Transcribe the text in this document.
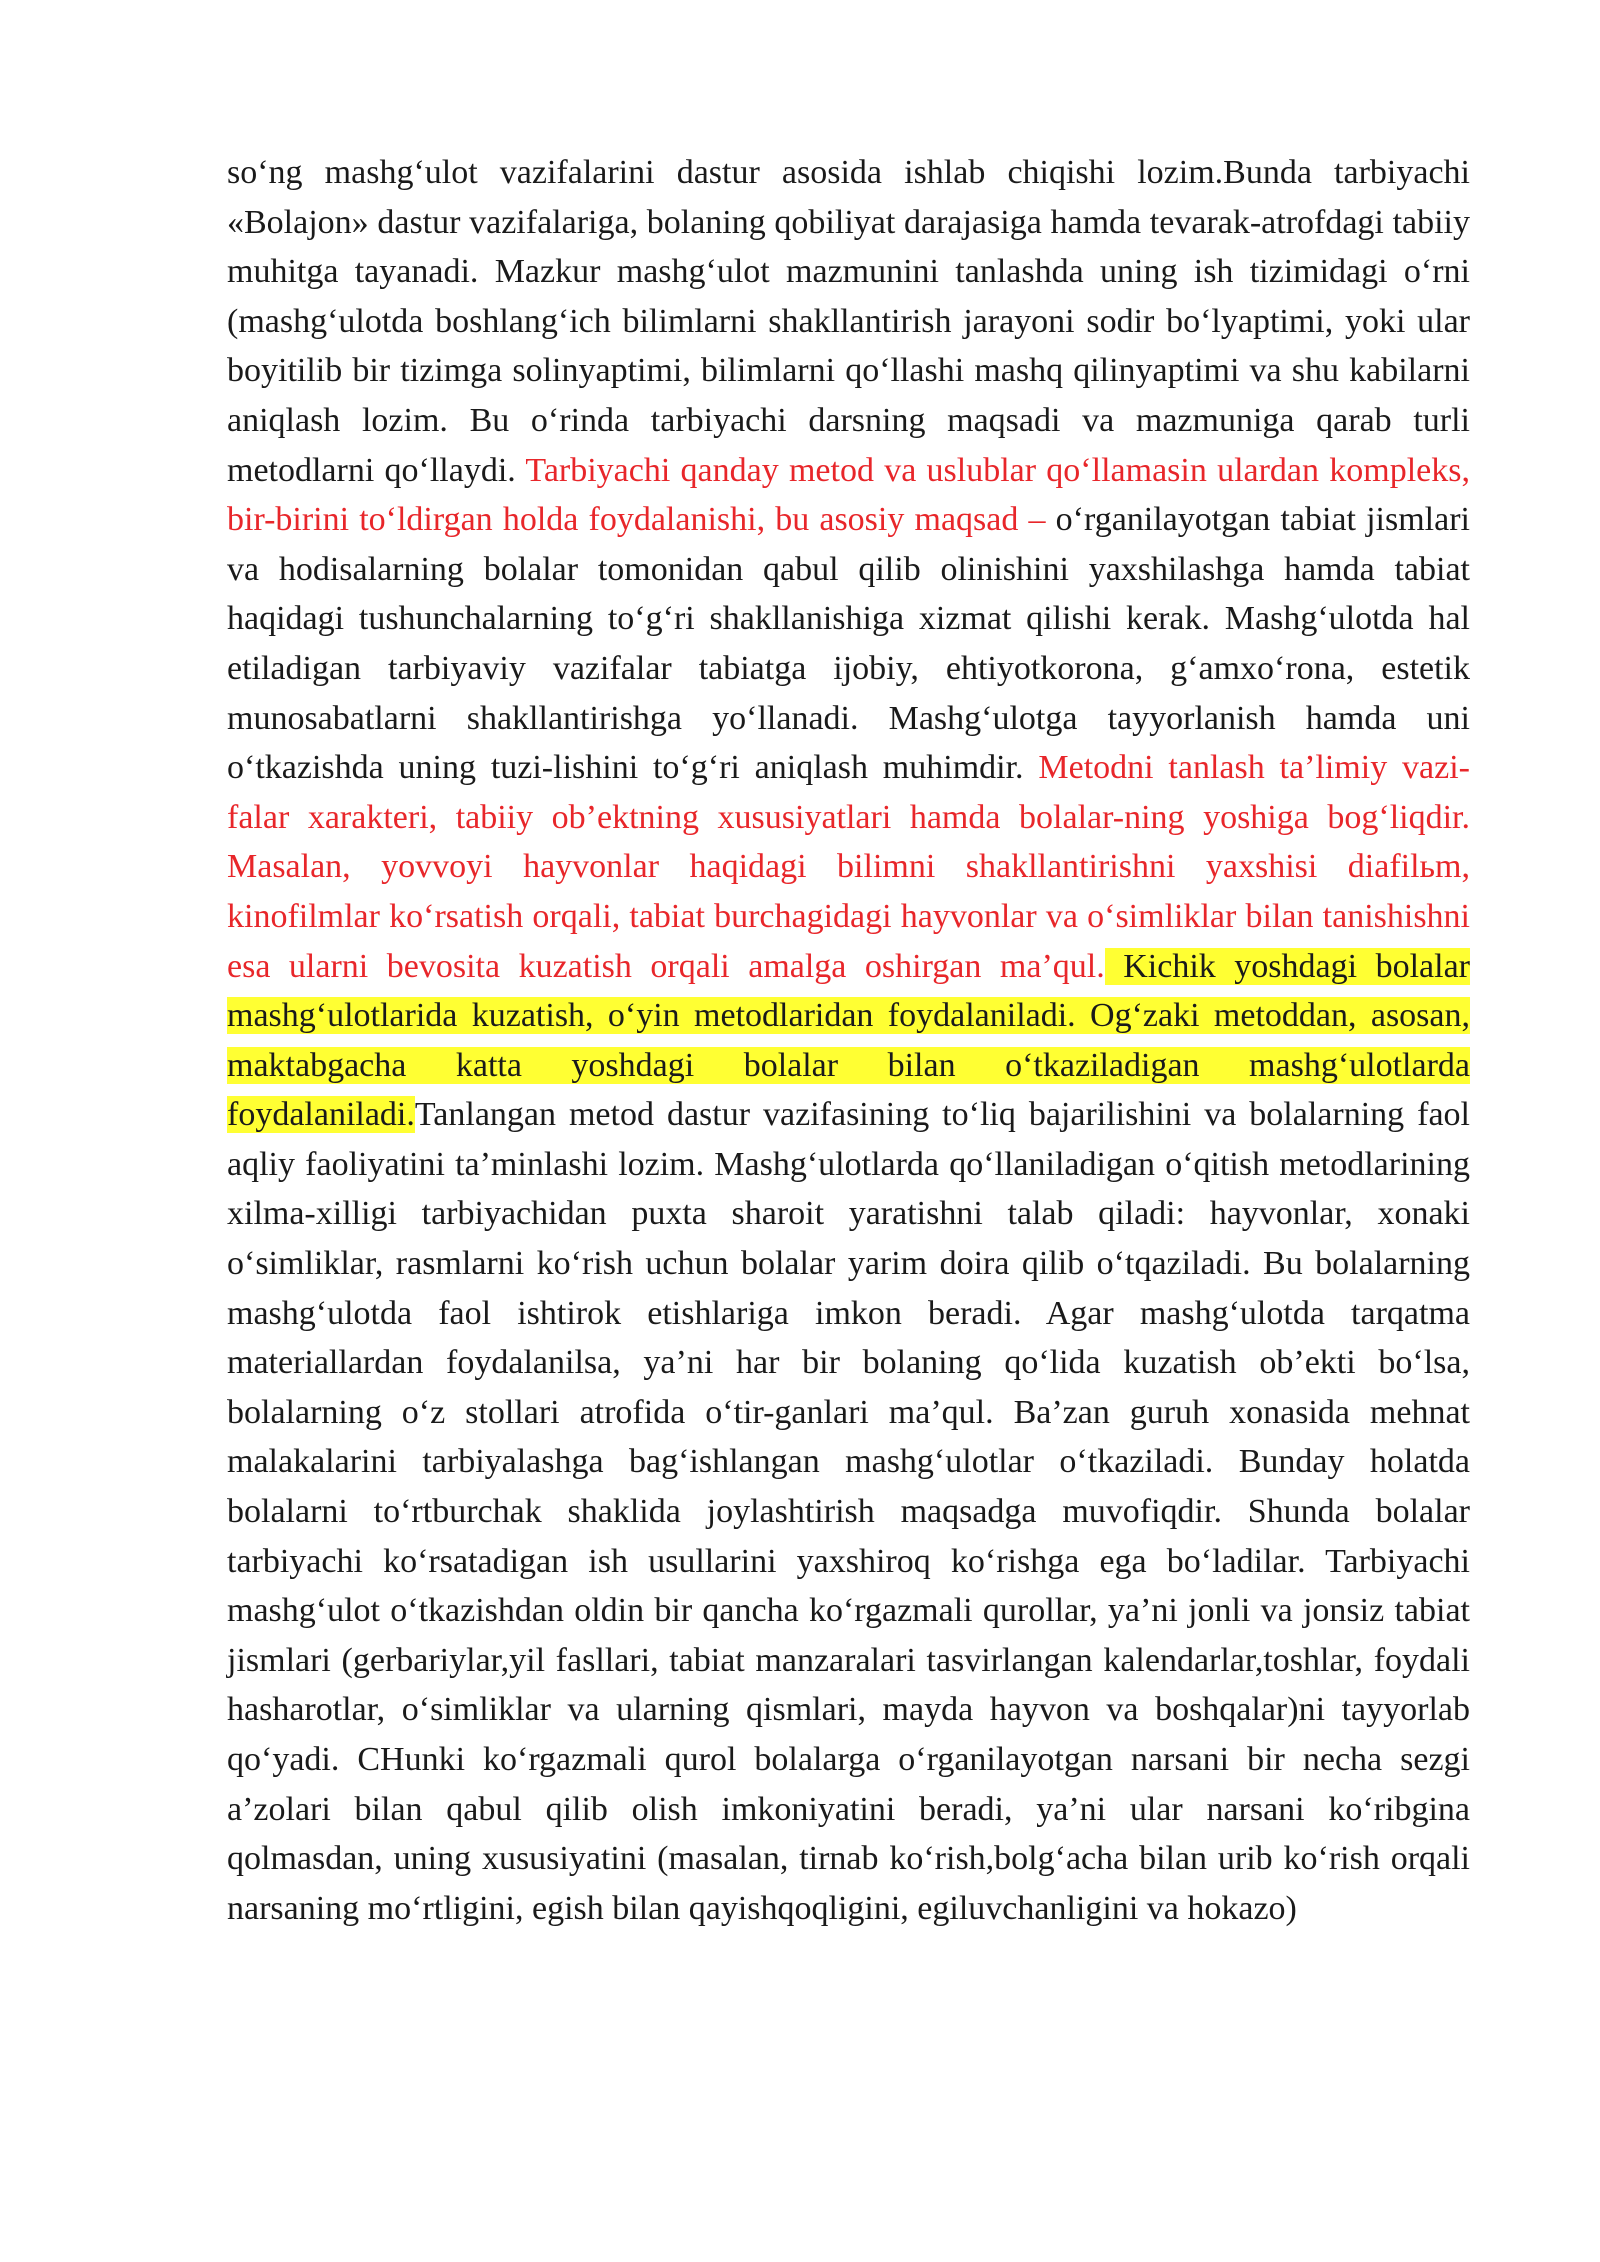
so‘ng mashg‘ulot vazifalarini dastur asosida ishlab chiqishi lozim.Bunda tarbiyachi «Bolajon» dastur vazifalariga, bolaning qobiliyat darajasiga hamda tevarak-atrofdagi tabiiy muhitga tayanadi. Mazkur mashg‘ulot mazmunini tanlashda uning ish tizimidagi o‘rni (mashg‘ulotda boshlang‘ich bilimlarni shakllantirish jarayoni sodir bo‘lyaptimi, yoki ular boyitilib bir tizimga solinyaptimi, bilimlarni qo‘llashi mashq qilinyaptimi va shu kabilarni aniqlash lozim. Bu o‘rinda tarbiyachi darsning maqsadi va mazmuniga qarab turli metodlarni qo‘llaydi. Tarbiyachi qanday metod va uslublar qo‘llamasin ulardan kompleks, bir-birini to‘ldirgan holda foydalanishi, bu asosiy maqsad – o‘rganilayotgan tabiat jismlari va hodisalarning bolalar tomonidan qabul qilib olinishini yaxshilashga hamda tabiat haqidagi tushunchalarning to‘g‘ri shakllanishiga xizmat qilishi kerak. Mashg‘ulotda hal etiladigan tarbiyaviy vazifalar tabiatga ijobiy, ehtiyotkorona, g‘amxo‘rona, estetik munosabatlarni shakllantirishga yo‘llanadi. Mashg‘ulotga tayyorlanish hamda uni o‘tkazishda uning tuzi-lishini to‘g‘ri aniqlash muhimdir. Metodni tanlash ta’limiy vazi-falar xarakteri, tabiiy ob’ektning xususiyatlari hamda bolalar-ning yoshiga bog‘liqdir. Masalan, yovvoyi hayvonlar haqidagi bilimni shakllantirishni yaxshisi diafilьm, kinofilmlar ko‘rsatish orqali, tabiat burchagidagi hayvonlar va o‘simliklar bilan tanishishni esa ularni bevosita kuzatish orqali amalga oshirgan ma’qul. Kichik yoshdagi bolalar mashg‘ulotlarida kuzatish, o‘yin metodlaridan foydalaniladi. Og‘zaki metoddan, asosan, maktabgacha katta yoshdagi bolalar bilan o‘tkaziladigan mashg‘ulotlarda foydalaniladi.Tanlangan metod dastur vazifasining to‘liq bajarilishini va bolalarning faol aqliy faoliyatini ta’minlashi lozim. Mashg‘ulotlarda qo‘llaniladigan o‘qitish metodlarining xilma-xilligi tarbiyachidan puxta sharoit yaratishni talab qiladi: hayvonlar, xonaki o‘simliklar, rasmlarni ko‘rish uchun bolalar yarim doira qilib o‘tqaziladi. Bu bolalarning mashg‘ulotda faol ishtirok etishlariga imkon beradi. Agar mashg‘ulotda tarqatma materiallardan foydalanilsa, ya’ni har bir bolaning qo‘lida kuzatish ob’ekti bo‘lsa, bolalarning o‘z stollari atrofida o‘tir-ganlari ma’qul. Ba’zan guruh xonasida mehnat malakalarini tarbiyalashga bag‘ishlangan mashg‘ulotlar o‘tkaziladi. Bunday holatda bolalarni to‘rtburchak shaklida joylashtirish maqsadga muvofiqdir. Shunda bolalar tarbiyachi ko‘rsatadigan ish usullarini yaxshiroq ko‘rishga ega bo‘ladilar. Tarbiyachi mashg‘ulot o‘tkazishdan oldin bir qancha ko‘rgazmali qurollar, ya’ni jonli va jonsiz tabiat jismlari (gerbariylar,yil fasllari, tabiat manzaralari tasvirlangan kalendarlar,toshlar, foydali hasharotlar, o‘simliklar va ularning qismlari, mayda hayvon va boshqalar)ni tayyorlab qo‘yadi. CHunki ko‘rgazmali qurol bolalarga o‘rganilayotgan narsani bir necha sezgi a’zolari bilan qabul qilib olish imkoniyatini beradi, ya’ni ular narsani ko‘ribgina qolmasdan, uning xususiyatini (masalan, tirnab ko‘rish,bolg‘acha bilan urib ko‘rish orqali narsaning mo‘rtligini, egish bilan qayishqoqligini, egiluvchanligini va hokazo)
